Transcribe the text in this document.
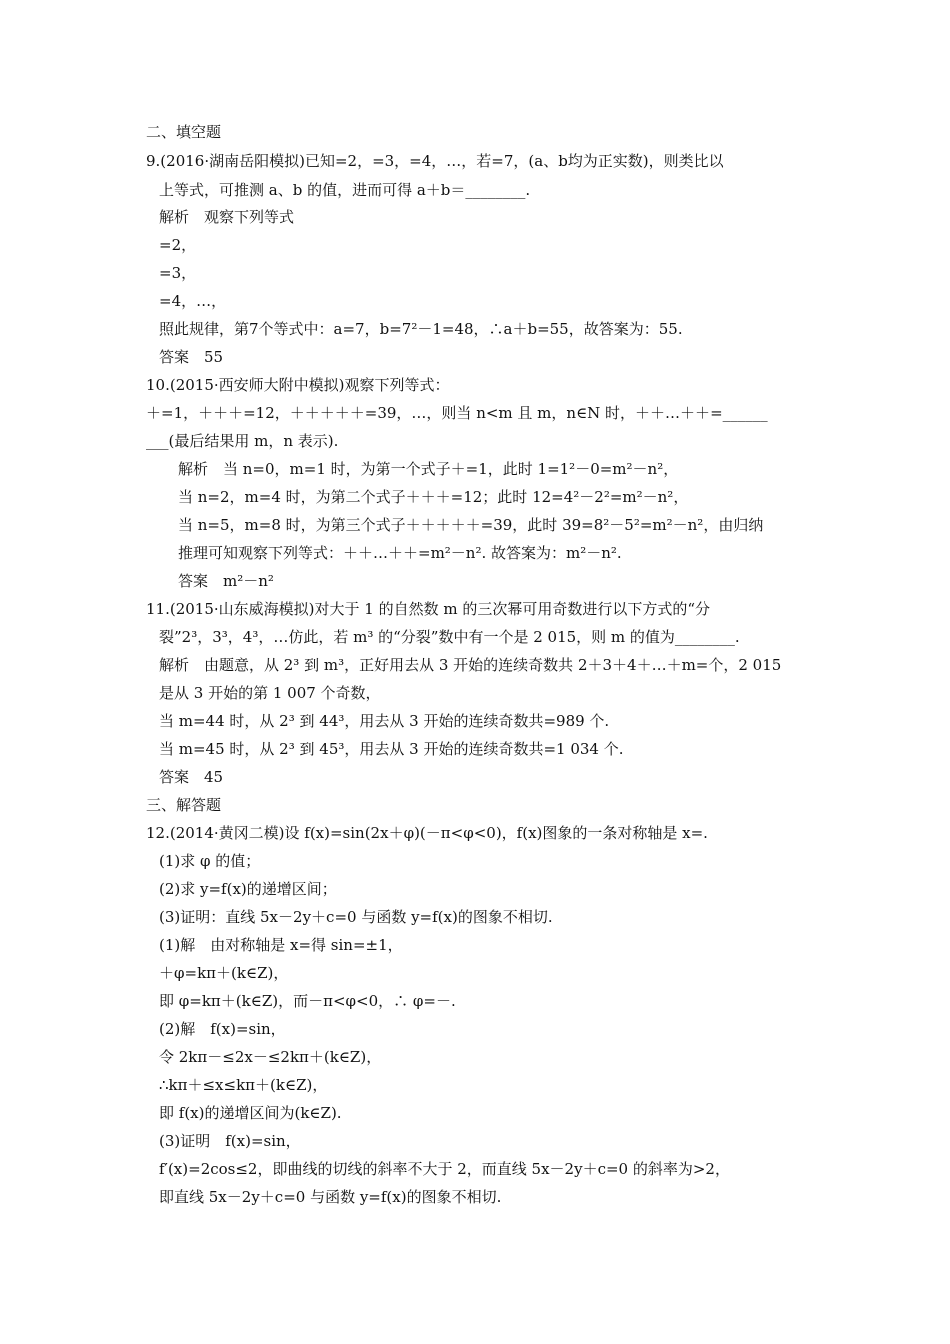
二、填空题
9.(2016·湖南岳阳模拟)已知=2，=3，=4，…，若=7，(a、b均为正实数)，则类比以
上等式，可推测 a、b 的值，进而可得 a＋b＝________.
解析　观察下列等式
=2，
=3，
=4，…，
照此规律，第7个等式中：a=7，b=7²－1=48，∴a＋b=55，故答案为：55.
答案　55
10.(2015·西安师大附中模拟)观察下列等式：
＋=1，＋＋＋=12，＋＋＋＋＋=39，…，则当 n<m 且 m，n∈N 时，＋＋…＋＋=______
___(最后结果用 m，n 表示).
解析　当 n=0，m=1 时，为第一个式子＋=1，此时 1=1²－0=m²－n²，
当 n=2，m=4 时，为第二个式子＋＋＋=12；此时 12=4²－2²=m²－n²，
当 n=5，m=8 时，为第三个式子＋＋＋＋＋=39，此时 39=8²－5²=m²－n²，由归纳
推理可知观察下列等式：＋＋…＋＋=m²－n². 故答案为：m²－n².
答案　m²－n²
11.(2015·山东威海模拟)对大于 1 的自然数 m 的三次幂可用奇数进行以下方式的“分
裂”2³，3³，4³，…仿此，若 m³ 的“分裂”数中有一个是 2 015，则 m 的值为________.
解析　由题意，从 2³ 到 m³，正好用去从 3 开始的连续奇数共 2＋3＋4＋…＋m=个，2 015
是从 3 开始的第 1 007 个奇数，
当 m=44 时，从 2³ 到 44³，用去从 3 开始的连续奇数共=989 个.
当 m=45 时，从 2³ 到 45³，用去从 3 开始的连续奇数共=1 034 个.
答案　45
三、解答题
12.(2014·黄冈二模)设 f(x)=sin(2x＋φ)(－π<φ<0)，f(x)图象的一条对称轴是 x=.
(1)求 φ 的值；
(2)求 y=f(x)的递增区间；
(3)证明：直线 5x－2y＋c=0 与函数 y=f(x)的图象不相切.
(1)解　由对称轴是 x=得 sin=±1，
＋φ=kπ＋(k∈Z)，
即 φ=kπ＋(k∈Z)，而－π<φ<0，∴ φ=－.
(2)解　f(x)=sin，
令 2kπ－≤2x－≤2kπ＋(k∈Z)，
∴kπ＋≤x≤kπ＋(k∈Z)，
即 f(x)的递增区间为(k∈Z).
(3)证明　f(x)=sin，
f′(x)=2cos≤2，即曲线的切线的斜率不大于 2，而直线 5x－2y＋c=0 的斜率为>2，
即直线 5x－2y＋c=0 与函数 y=f(x)的图象不相切.
